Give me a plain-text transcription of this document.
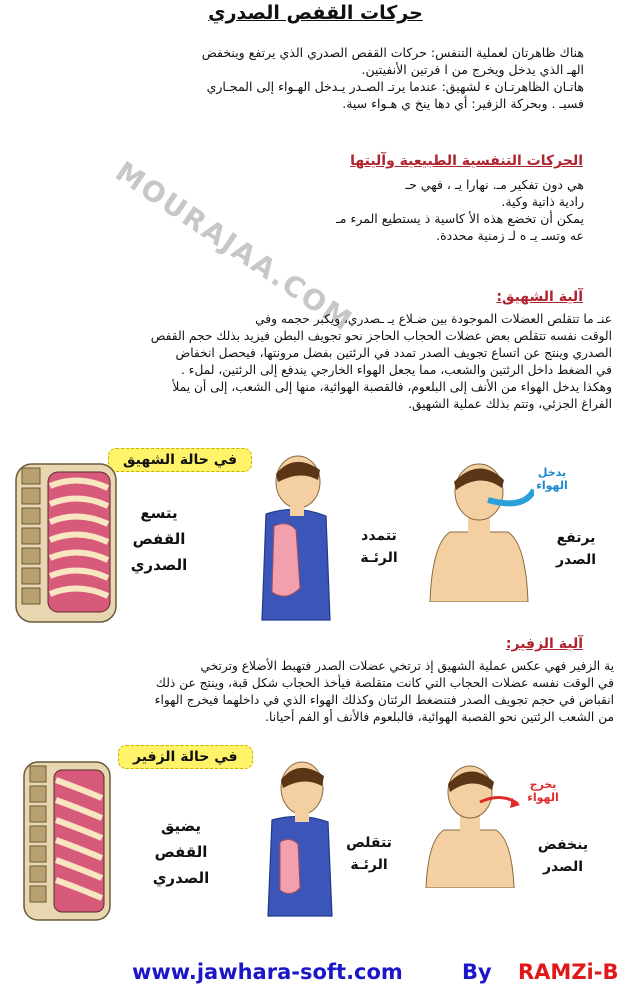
حركات القفص الصدري
هناك ظاهرتان لعملية التنفس: حركات القفص الصدري الذي يرتفع وينخفض
الهـ الذي يدخل ويخرج من ا فرتين الأنفيتين.
هاتـان الظاهرتـان ء لشهيق: عندما يرتـ الصـدر يـدخل الهـواء إلى المجـاري
فسيـ . وبحركة الزفير: أي دها ينخ ي هـواء سية.
الحركات التنفسية الطبيعية وآليتها
هي دون تفكير مـ. نهارا يـ ، فهي حـ
رادية ذاتية وكية.
يمكن أن تخضع هذه الأ كاسية ذ يستطيع المرء مـ
عه وتسـ يـ ه لـ زمنية محددة.
MOURAJAA.COM	آلية الشهيق:
عنـ ما تتقلص العضلات الموجودة بين ضـلاع يـ ـصدري، ويكبر حجمه وفي
الوقت نفسه تتقلص بعض عضلات الحجاب الحاجز نحو تجويف البطن فيزيد بذلك حجم القفص
الصدري وينتج عن اتساع تجويف الصدر تمدد في الرئتين بفضل مرونتها، فيحصل انخفاض
في الضغط داخل الرئتين والشعب، مما يجعل الهواء الخارجي يندفع إلى الرئتين، لملء .
وهكذا يدخل الهواء من الأنف إلى البلعوم، فالقصبة الهوائية، منها إلى الشعب، إلى أن يملأ
الفراغ الجزئي، وتتم بذلك عملية الشهيق.
في حالة الشهيق
يتسع
القفص
الصدري
تتمدد
الرئـة
يدخل
الهواء
يرتفع
الصدر
آلية الزفير:
ية الزفير فهي عكس عملية الشهيق إذ ترتخي عضلات الصدر فتهبط الأضلاع وترتخي
في الوقت نفسه عضلات الحجاب التي كانت متقلصة فيأخذ الحجاب شكل قبة، وينتج عن ذلك
انقباض في حجم تجويف الصدر فتنضغط الرئتان وكذلك الهواء الذي في داخلهما فيخرج الهواء
من الشعب الرئتين نحو القصبة الهوائية، فالبلعوم فالأنف أو الفم أحيانا.
في حالة الزفير
يضيق
القفص
الصدري
تتقلص
الرئـة
يخرج
الهواء
ينخفض
الصدر
www.jawhara-soft.com	By RAMZi-B
